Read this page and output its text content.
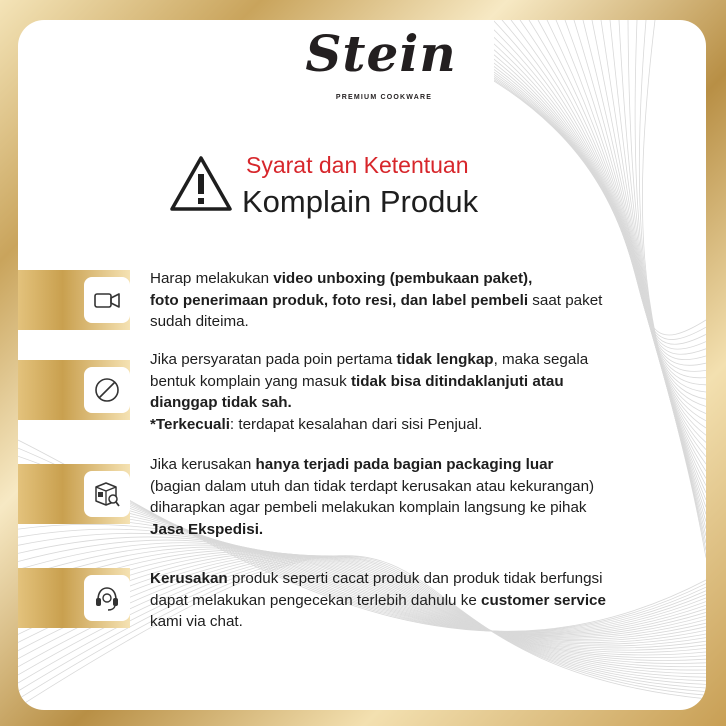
Syarat dan Ketentuan
Komplain Produk
Harap melakukan video unboxing (pembukaan paket),
foto penerimaan produk, foto resi, dan label pembeli saat paket
sudah diteima.
Jika persyaratan pada poin pertama tidak lengkap, maka segala
bentuk komplain yang masuk tidak bisa ditindaklanjuti atau
dianggap tidak sah.
*Terkecuali: terdapat kesalahan dari sisi Penjual.
Jika kerusakan hanya terjadi pada bagian packaging luar
(bagian dalam utuh dan tidak terdapt kerusakan atau kekurangan)
diharapkan agar pembeli melakukan komplain langsung ke pihak
Jasa Ekspedisi.
Kerusakan produk seperti cacat produk dan produk tidak berfungsi
dapat melakukan pengecekan terlebih dahulu ke customer service
kami via chat.
Stein
PREMIUM COOKWARE
